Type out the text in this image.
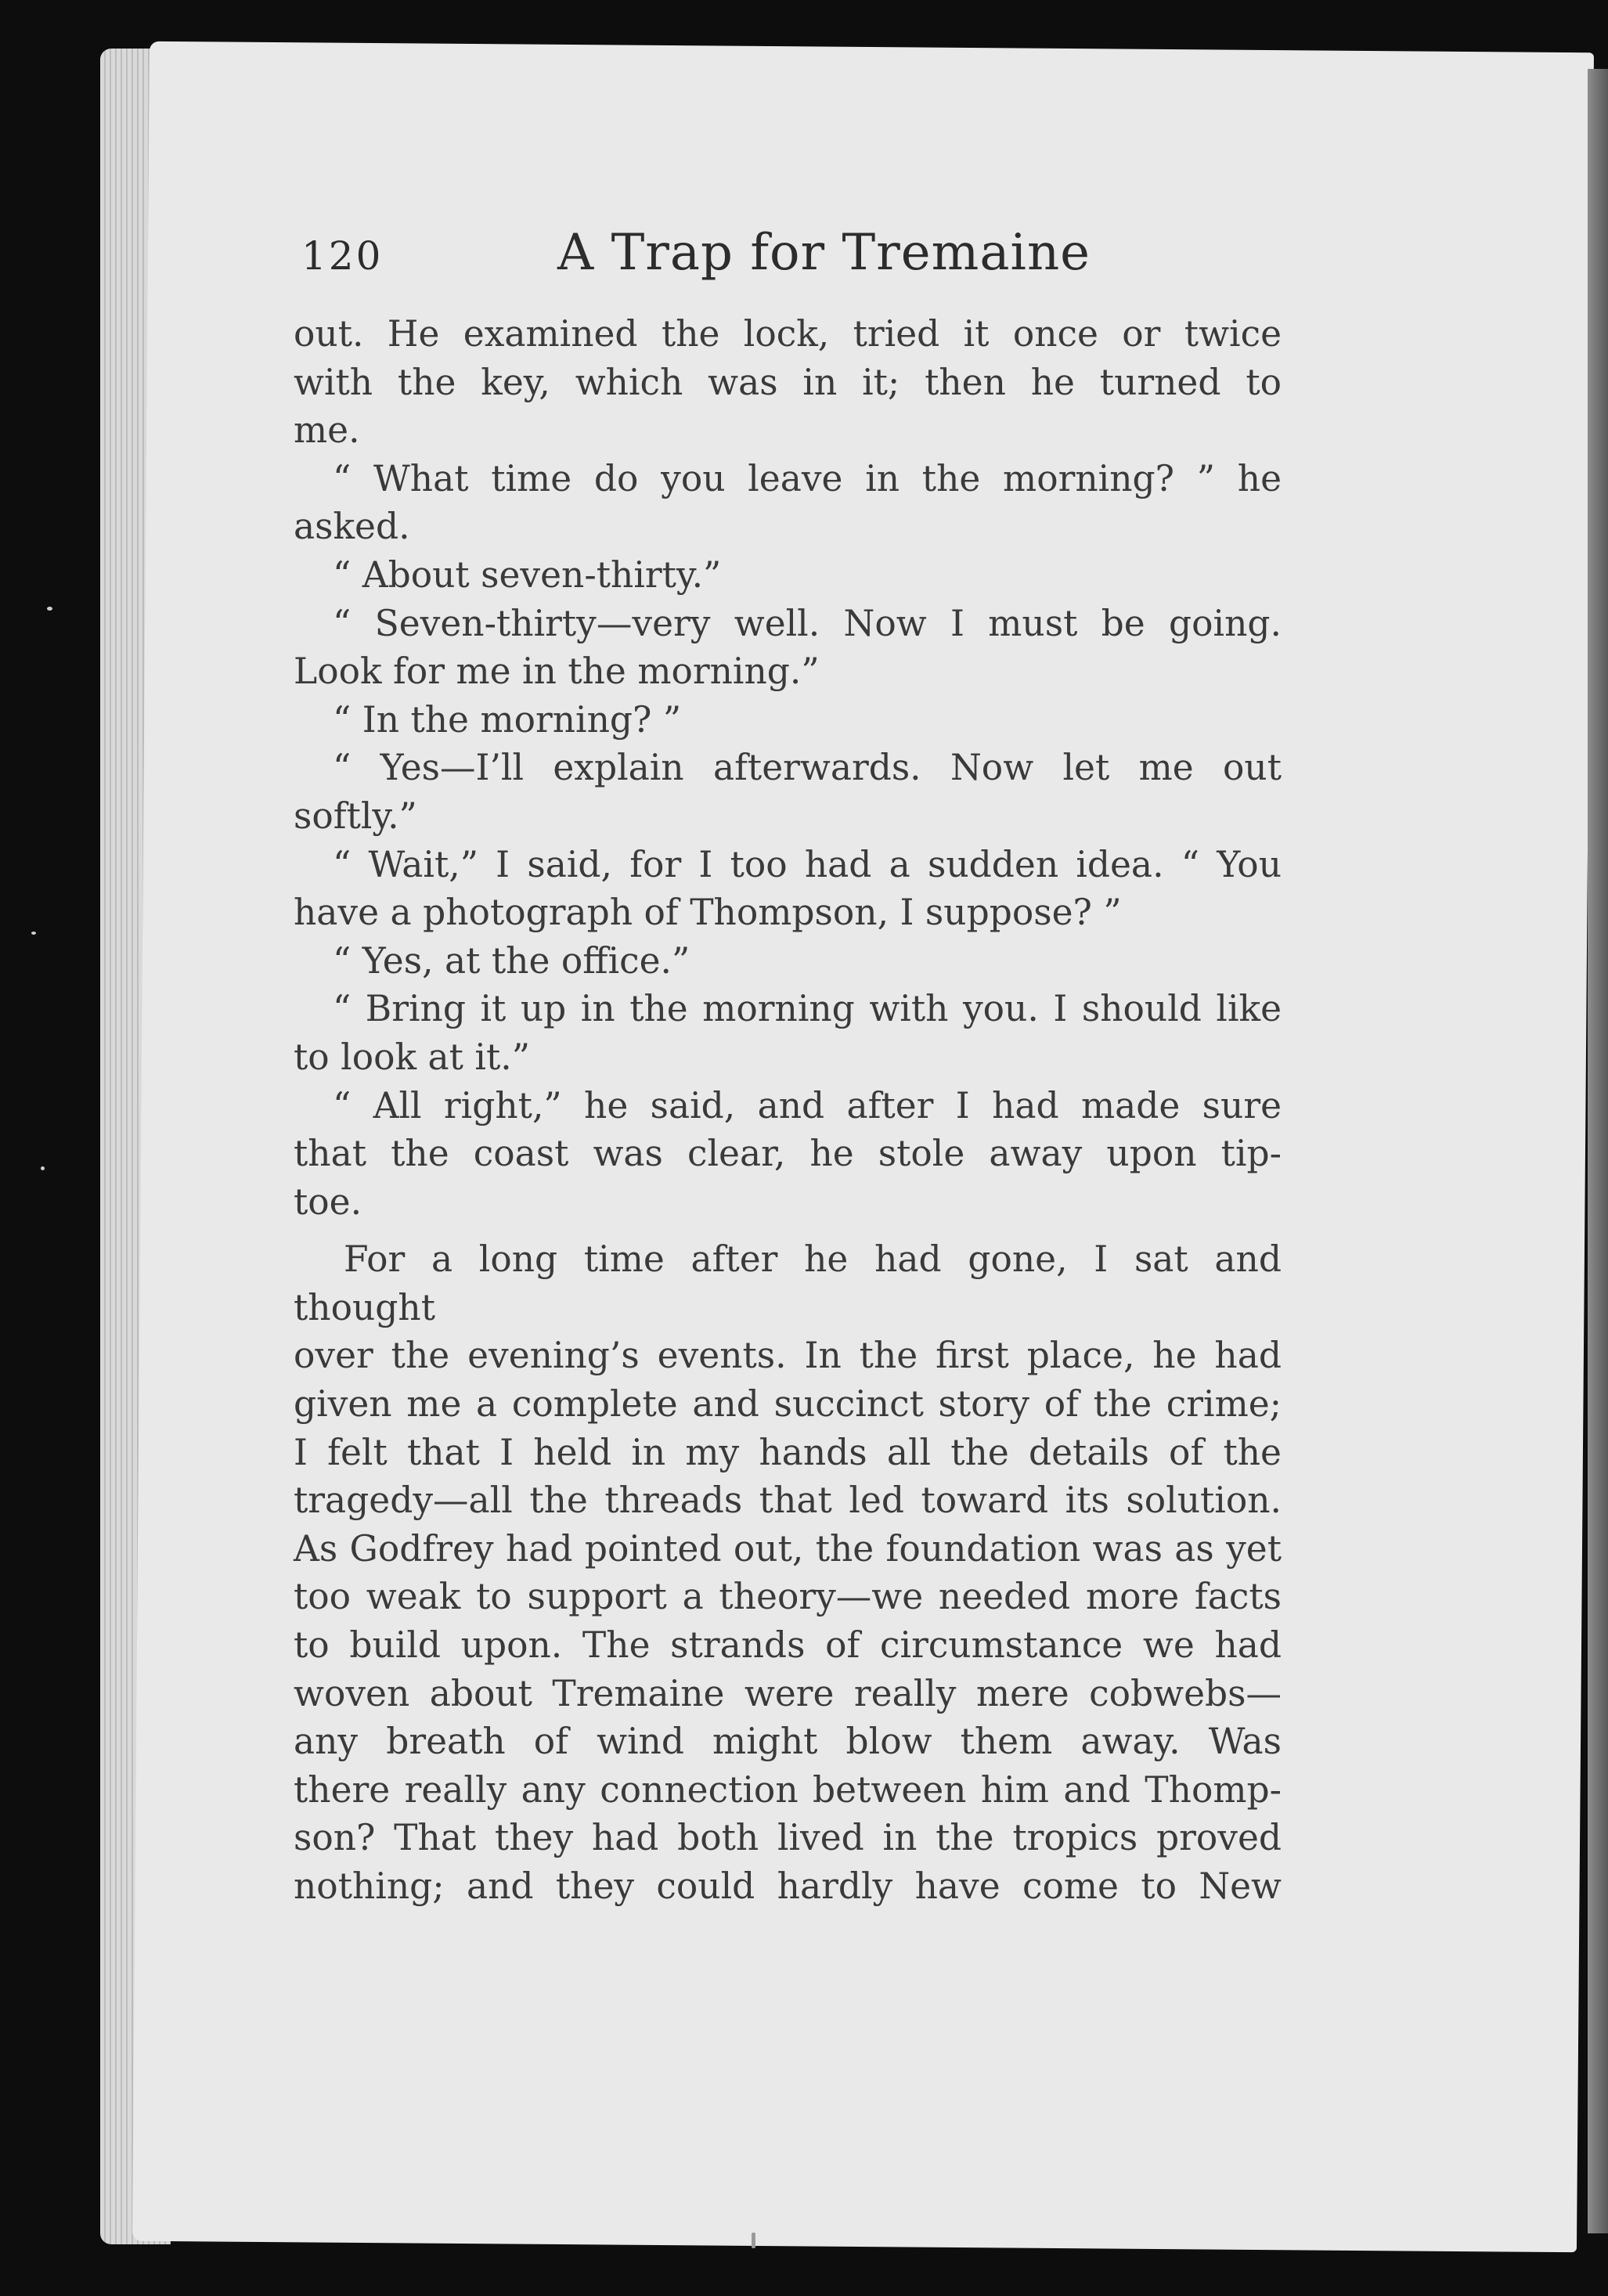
120	A Trap for Tremaine

out. He examined the lock, tried it once or twice
with the key, which was in it; then he turned to
me.

“ What time do you leave in the morning? ” he
asked.

“ About seven-thirty.”

“ Seven-thirty—very well. Now I must be going.
Look for me in the morning.”

“ In the morning? ”

“ Yes—I’ll explain afterwards. Now let me out
softly.”

“ Wait,” I said, for I too had a sudden idea. “ You
have a photograph of Thompson, I suppose? ”

“ Yes, at the office.”

“ Bring it up in the morning with you. I should like
to look at it.”

“ All right,” he said, and after I had made sure
that the coast was clear, he stole away upon tip-
toe.

For a long time after he had gone, I sat and thought
over the evening’s events. In the first place, he had
given me a complete and succinct story of the crime;
I felt that I held in my hands all the details of the
tragedy—all the threads that led toward its solution.
As Godfrey had pointed out, the foundation was as yet
too weak to support a theory—we needed more facts
to build upon. The strands of circumstance we had
woven about Tremaine were really mere cobwebs—
any breath of wind might blow them away. Was
there really any connection between him and Thomp-
son? That they had both lived in the tropics proved
nothing; and they could hardly have come to New
